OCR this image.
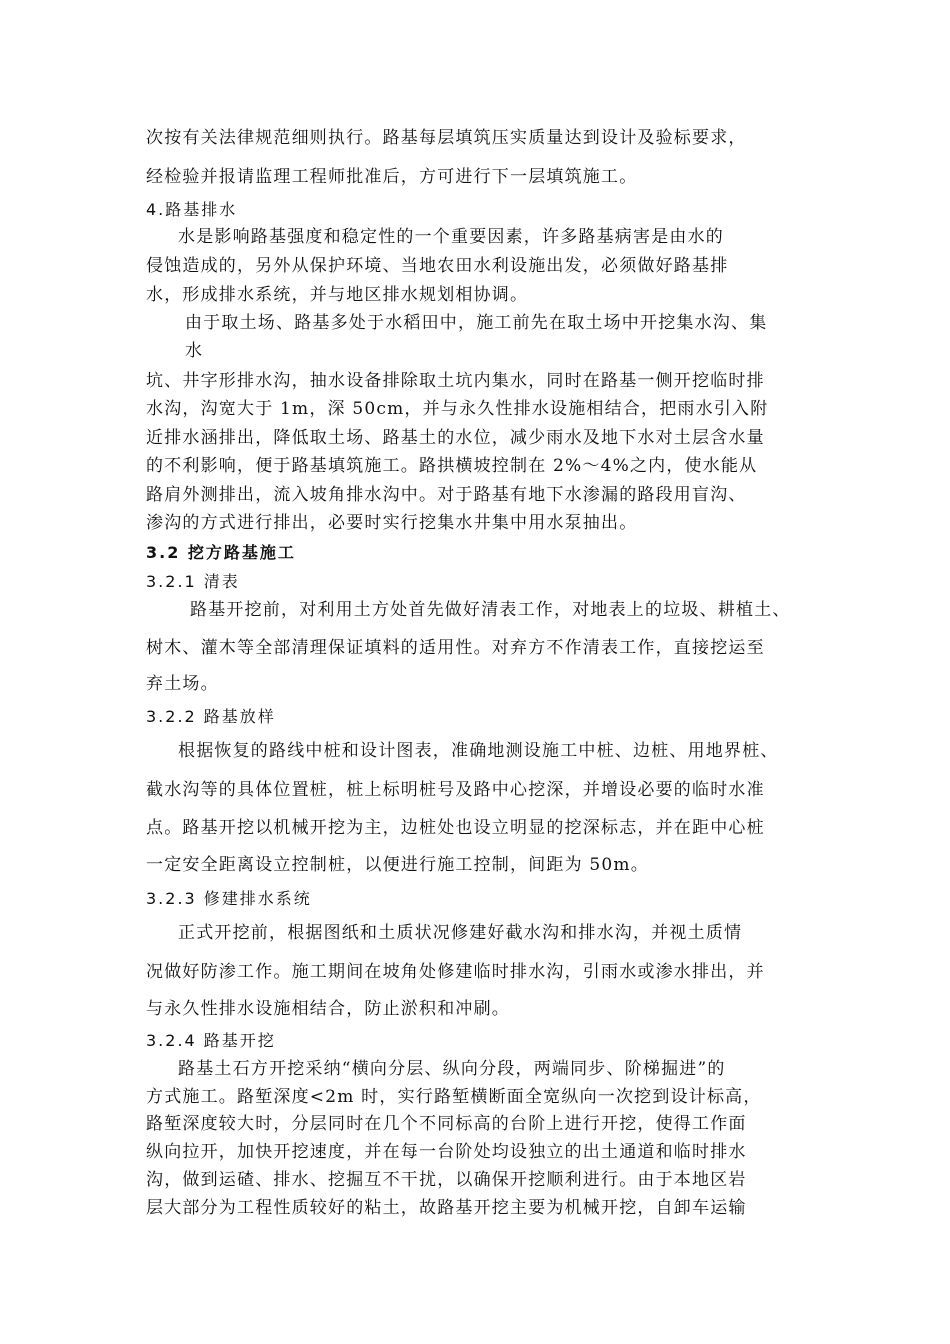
次按有关法律规范细则执行。路基每层填筑压实质量达到设计及验标要求，
经检验并报请监理工程师批准后，方可进行下一层填筑施工。
4.路基排水
水是影响路基强度和稳定性的一个重要因素，许多路基病害是由水的
侵蚀造成的，另外从保护环境、当地农田水利设施出发，必须做好路基排
水，形成排水系统，并与地区排水规划相协调。
由于取土场、路基多处于水稻田中，施工前先在取土场中开挖集水沟、集
水
坑、井字形排水沟，抽水设备排除取土坑内集水，同时在路基一侧开挖临时排
水沟，沟宽大于 1m，深 50cm，并与永久性排水设施相结合，把雨水引入附
近排水涵排出，降低取土场、路基土的水位，减少雨水及地下水对土层含水量
的不利影响，便于路基填筑施工。路拱横坡控制在 2%～4%之内，使水能从
路肩外测排出，流入坡角排水沟中。对于路基有地下水渗漏的路段用盲沟、
渗沟的方式进行排出，必要时实行挖集水井集中用水泵抽出。
3.2 挖方路基施工
3.2.1 清表
路基开挖前，对利用土方处首先做好清表工作，对地表上的垃圾、耕植土、
树木、灌木等全部清理保证填料的适用性。对弃方不作清表工作，直接挖运至
弃土场。
3.2.2 路基放样
根据恢复的路线中桩和设计图表，准确地测设施工中桩、边桩、用地界桩、
截水沟等的具体位置桩，桩上标明桩号及路中心挖深，并增设必要的临时水准
点。路基开挖以机械开挖为主，边桩处也设立明显的挖深标志，并在距中心桩
一定安全距离设立控制桩，以便进行施工控制，间距为 50m。
3.2.3 修建排水系统
正式开挖前，根据图纸和土质状况修建好截水沟和排水沟，并视土质情
况做好防渗工作。施工期间在坡角处修建临时排水沟，引雨水或渗水排出，并
与永久性排水设施相结合，防止淤积和冲刷。
3.2.4 路基开挖
路基土石方开挖采纳“横向分层、纵向分段，两端同步、阶梯掘进”的
方式施工。路堑深度<2m 时，实行路堑横断面全宽纵向一次挖到设计标高，
路堑深度较大时，分层同时在几个不同标高的台阶上进行开挖，使得工作面
纵向拉开，加快开挖速度，并在每一台阶处均设独立的出土通道和临时排水
沟，做到运碴、排水、挖掘互不干扰，以确保开挖顺利进行。由于本地区岩
层大部分为工程性质较好的粘土，故路基开挖主要为机械开挖，自卸车运输
